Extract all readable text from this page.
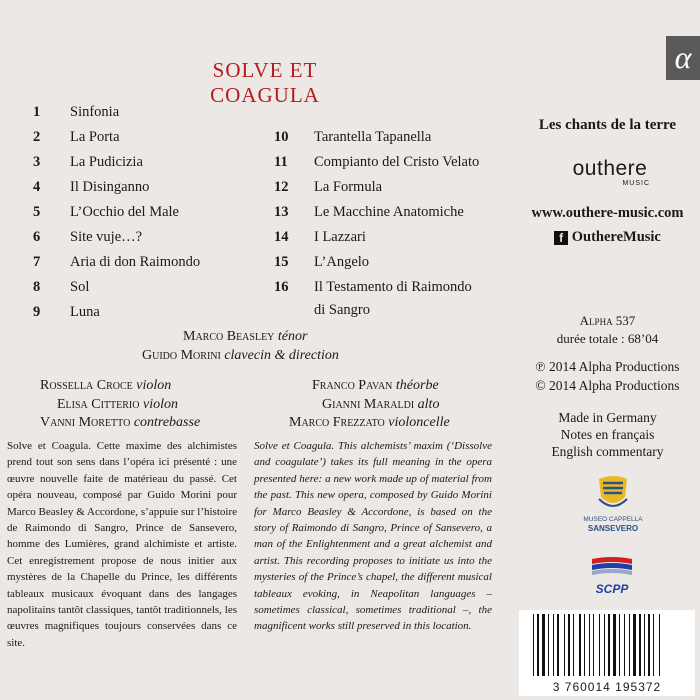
SOLVE ET COAGULA
α
1	Sinfonia
2	La Porta
3	La Pudicizia
4	Il Disinganno
5	L’Occhio del Male
6	Site vuje…?
7	Aria di don Raimondo
8	Sol
9	Luna
10	Tarantella Tapanella
11	Compianto del Cristo Velato
12	La Formula
13	Le Macchine Anatomiche
14	I Lazzari
15	L’Angelo
16	Il Testamento di Raimondo
di Sangro
Marco Beasley ténor
Guido Morini clavecin & direction
Rossella Croce violon
Elisa Citterio violon
Vanni Moretto contrebasse
Franco Pavan théorbe
Gianni Maraldi alto
Marco Frezzato violoncelle
Solve et Coagula. Cette maxime des alchimistes prend tout son sens dans l’opéra ici présenté : une œuvre nouvelle faite de matérieau du passé. Cet opéra nouveau, composé par Guido Morini pour Marco Beasley & Accordone, s’appuie sur l’histoire de Raimondo di Sangro, Prince de Sansevero, homme des Lumières, grand alchimiste et artiste. Cet enregistrement propose de nous initier aux mystères de la Chapelle du Prince, les différents tableaux musicaux évoquant dans des langages napolitains tantôt classiques, tantôt traditionnels, les œuvres magnifiques toujours conservées dans ce site.
Solve et Coagula. This alchemists’ maxim (‘Dissolve and coagulate’) takes its full meaning in the opera presented here: a new work made up of material from the past. This new opera, composed by Guido Morini for Marco Beasley & Accordone, is based on the story of Raimondo di Sangro, Prince of Sansevero, a man of the Enlightenment and a great alchemist and artist. This recording proposes to initiate us into the mysteries of the Prince’s chapel, the different musical tableaux evoking, in Neapolitan languages – sometimes classical, sometimes traditional –, the magnificent works still preserved in this location.
Les chants de la terre
outhere
MUSIC
www.outhere-music.com
f OuthereMusic
Alpha 537
durée totale : 68’04
℗ 2014 Alpha Productions
© 2014 Alpha Productions
Made in Germany
Notes en français
English commentary
MUSEO CAPPELLA
SANSEVERO
SCPP
3 760014 195372
